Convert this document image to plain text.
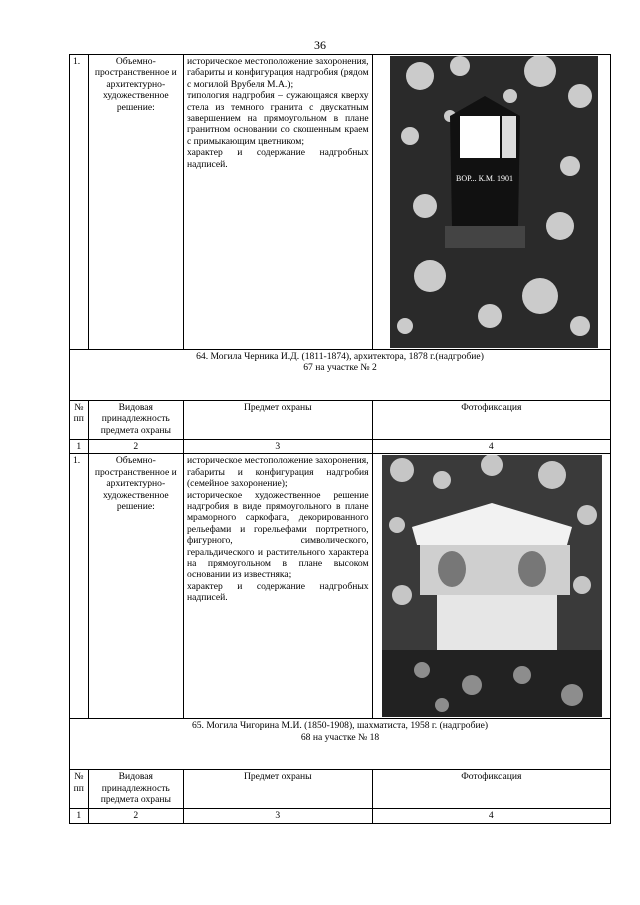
36
1.	Объемно-пространственное и архитектурно-художественное решение:	историческое местоположение захоронения, габариты и конфигурация надгробия (рядом с могилой Врубеля М.А.);

типология надгробия – сужающаяся кверху стела из темного гранита с двускатным завершением на прямоугольном в плане гранитном основании со скошенным краем с примыкающим цветником;

характер и содержание надгробных надписей.	ВОР... К.М. 1901

64. Могила Черника И.Д. (1811-1874), архитектора, 1878 г.(надгробие)
67 на участке № 2			

№ пп	Видовая принадлежность предмета охраны	Предмет охраны	Фотофиксация
1	2	3	4
1.	Объемно-пространственное и архитектурно-художественное решение:	историческое местоположение захоронения, габариты и конфигурация надгробия (семейное захоронение);

историческое художественное решение надгробия в виде прямоугольного в плане мраморного саркофага, декорированного рельефами и горельефами портретного, фигурного, символического, геральдического и растительного характера на прямоугольном в плане высоком основании из известняка;

характер и содержание надгробных надписей.

65. Могила Чигорина М.И. (1850-1908), шахматиста, 1958 г. (надгробие)
68 на участке № 18			

№ пп	Видовая принадлежность предмета охраны	Предмет охраны	Фотофиксация
1	2	3	4
